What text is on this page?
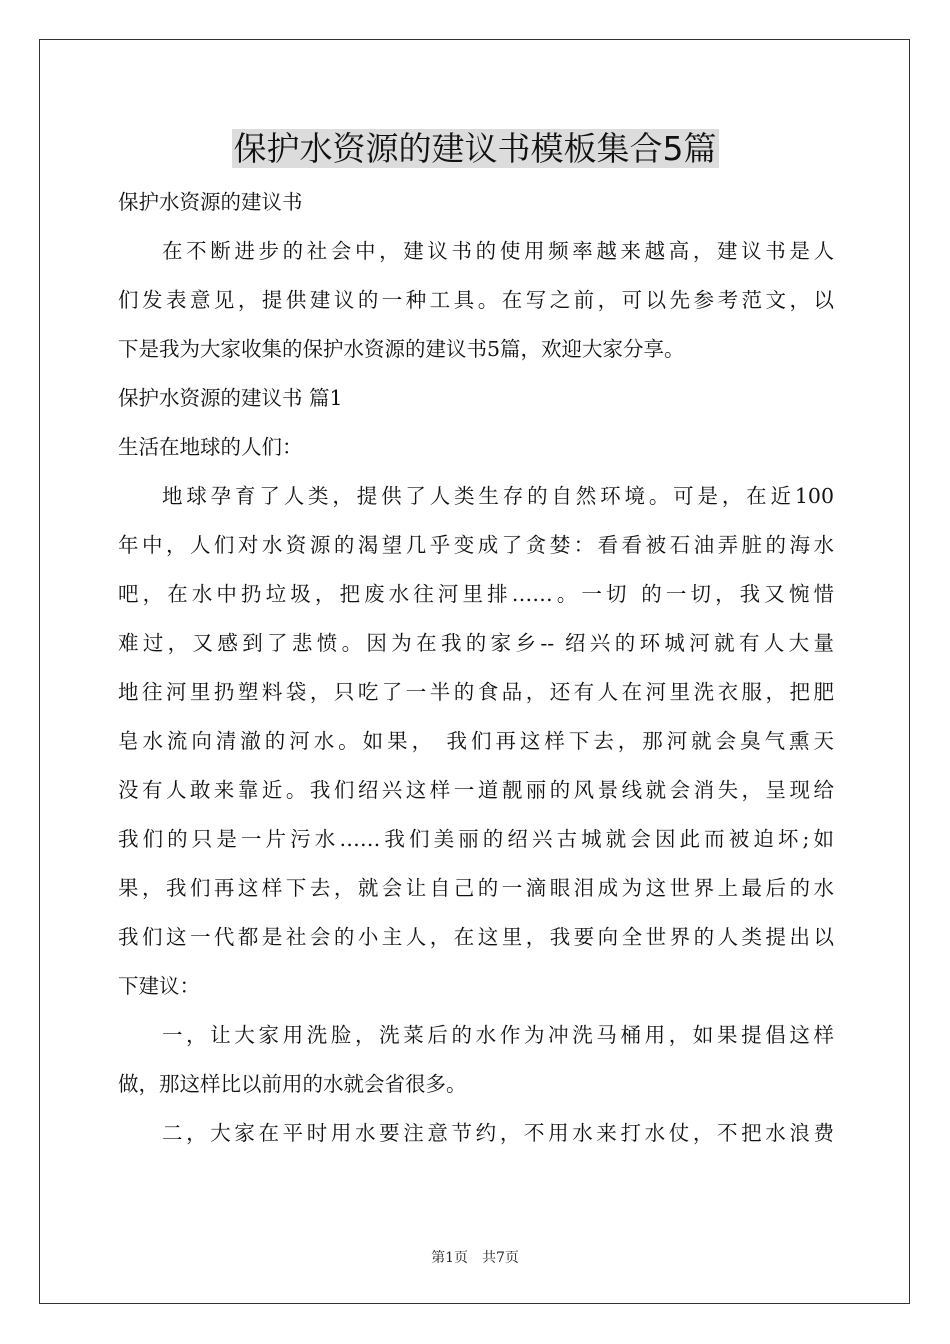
保护水资源的建议书模板集合5篇
保护水资源的建议书
在不断进步的社会中，建议书的使用频率越来越高，建议书是人
们发表意见，提供建议的一种工具。在写之前，可以先参考范文，以
下是我为大家收集的保护水资源的建议书5篇，欢迎大家分享。
保护水资源的建议书 篇1
生活在地球的人们：
地球孕育了人类，提供了人类生存的自然环境。可是，在近100
年中，人们对水资源的渴望几乎变成了贪婪：看看被石油弄脏的海水
吧，在水中扔垃圾，把废水往河里排……。一切 的一切，我又惋惜
难过，又感到了悲愤。因为在我的家乡-- 绍兴的环城河就有人大量
地往河里扔塑料袋，只吃了一半的食品，还有人在河里洗衣服，把肥
皂水流向清澈的河水。如果， 我们再这样下去，那河就会臭气熏天
没有人敢来靠近。我们绍兴这样一道靓丽的风景线就会消失，呈现给
我们的只是一片污水……我们美丽的绍兴古城就会因此而被迫坏;如
果，我们再这样下去，就会让自己的一滴眼泪成为这世界上最后的水
我们这一代都是社会的小主人，在这里，我要向全世界的人类提出以
下建议：
一，让大家用洗脸，洗菜后的水作为冲洗马桶用，如果提倡这样
做，那这样比以前用的水就会省很多。
二，大家在平时用水要注意节约，不用水来打水仗，不把水浪费
第1页 共7页
